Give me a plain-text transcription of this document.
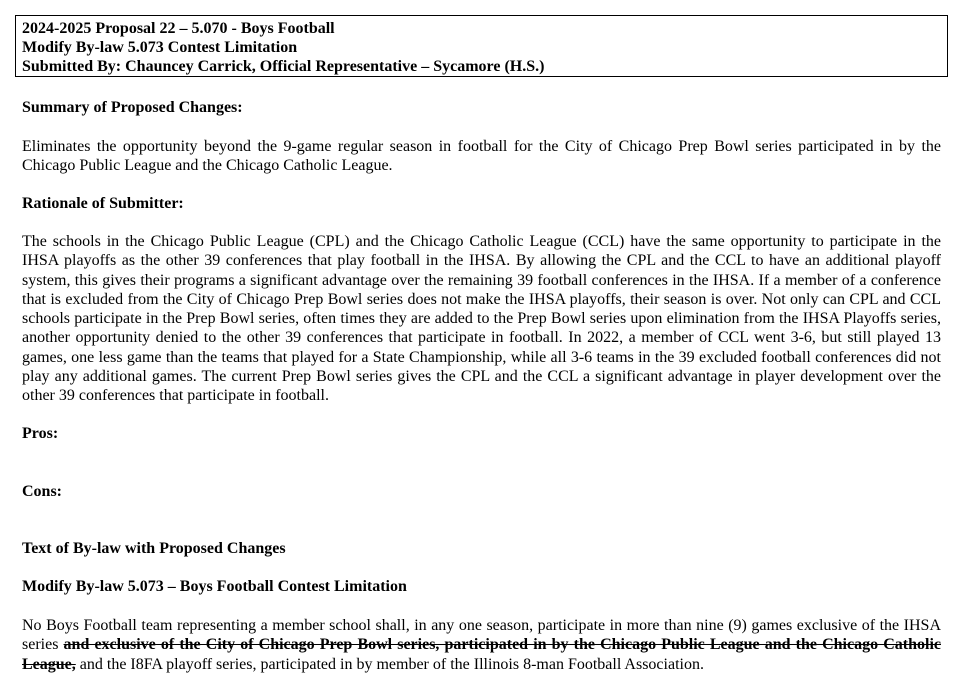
2024-2025 Proposal 22 – 5.070 - Boys Football
Modify By-law 5.073 Contest Limitation
Submitted By: Chauncey Carrick, Official Representative – Sycamore (H.S.)
Summary of Proposed Changes:
Eliminates the opportunity beyond the 9-game regular season in football for the City of Chicago Prep Bowl series participated in by the Chicago Public League and the Chicago Catholic League.
Rationale of Submitter:
The schools in the Chicago Public League (CPL) and the Chicago Catholic League (CCL) have the same opportunity to participate in the IHSA playoffs as the other 39 conferences that play football in the IHSA. By allowing the CPL and the CCL to have an additional playoff system, this gives their programs a significant advantage over the remaining 39 football conferences in the IHSA. If a member of a conference that is excluded from the City of Chicago Prep Bowl series does not make the IHSA playoffs, their season is over. Not only can CPL and CCL schools participate in the Prep Bowl series, often times they are added to the Prep Bowl series upon elimination from the IHSA Playoffs series, another opportunity denied to the other 39 conferences that participate in football. In 2022, a member of CCL went 3-6, but still played 13 games, one less game than the teams that played for a State Championship, while all 3-6 teams in the 39 excluded football conferences did not play any additional games. The current Prep Bowl series gives the CPL and the CCL a significant advantage in player development over the other 39 conferences that participate in football.
Pros:
Cons:
Text of By-law with Proposed Changes
Modify By-law 5.073 – Boys Football Contest Limitation
No Boys Football team representing a member school shall, in any one season, participate in more than nine (9) games exclusive of the IHSA series and exclusive of the City of Chicago Prep Bowl series, participated in by the Chicago Public League and the Chicago Catholic League, and the I8FA playoff series, participated in by member of the Illinois 8-man Football Association.
